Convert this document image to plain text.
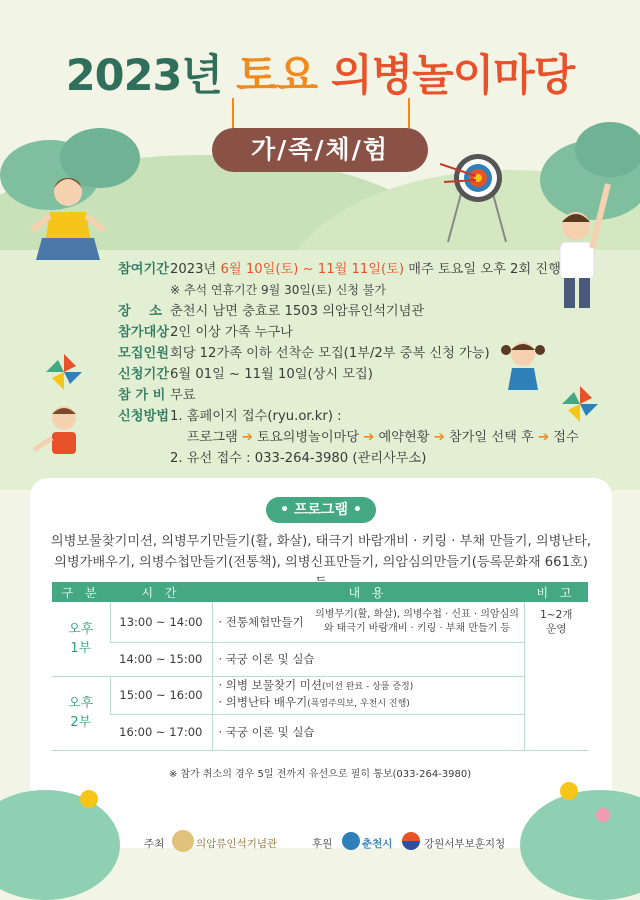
2023년 토요 의병놀이마당
가/족/체/험
참여기간 2023년 6월 10일(토) ~ 11월 11일(토) 매주 토요일 오후 2회 진행
※ 추석 연휴기간 9월 30일(토) 신청 불가
장    소 춘천시 남면 충효로 1503 의암류인석기념관
참가대상 2인 이상 가족 누구나
모집인원 회당 12가족 이하 선착순 모집(1부/2부 중복 신청 가능)
신청기간 6월 01일 ~ 11월 10일(상시 모집)
참 가 비 무료
신청방법 1. 홈페이지 접수(ryu.or.kr) :
프로그램 ➔ 토요의병놀이마당 ➔ 예약현황 ➔ 참가일 선택 후 ➔ 접수
2. 유선 접수 : 033-264-3980 (관리사무소)
• 프로그램 •
의병보물찾기미션, 의병무기만들기(활, 화살), 태극기 바람개비 · 키링 · 부채 만들기, 의병난타,
의병가배우기, 의병수첩만들기(전통책), 의병신표만들기, 의암심의만들기(등록문화재 661호)
구 분	시 간	내 용	비 고

오후 1부	13:00 ~ 14:00	· 전통체험만들기
의병무기(활, 화살), 의병수첩 · 신표 · 의암심의와 태극기 바람개비 · 키링 · 부채 만들기 등	1~2개 운영

	14:00 ~ 15:00	· 국궁 이론 및 실습	

오후 2부	15:00 ~ 16:00	· 의병 보물찾기 미션(미션 완료 - 상품 증정)
· 의병난타 배우기(폭염주의보, 우천시 진행)	

	16:00 ~ 17:00	· 국궁 이론 및 실습	
※ 참가 취소의 경우 5일 전까지 유선으로 필히 통보(033-264-3980)
주최	의암류인석기념관	후원	춘천시	강원서부보훈지청
